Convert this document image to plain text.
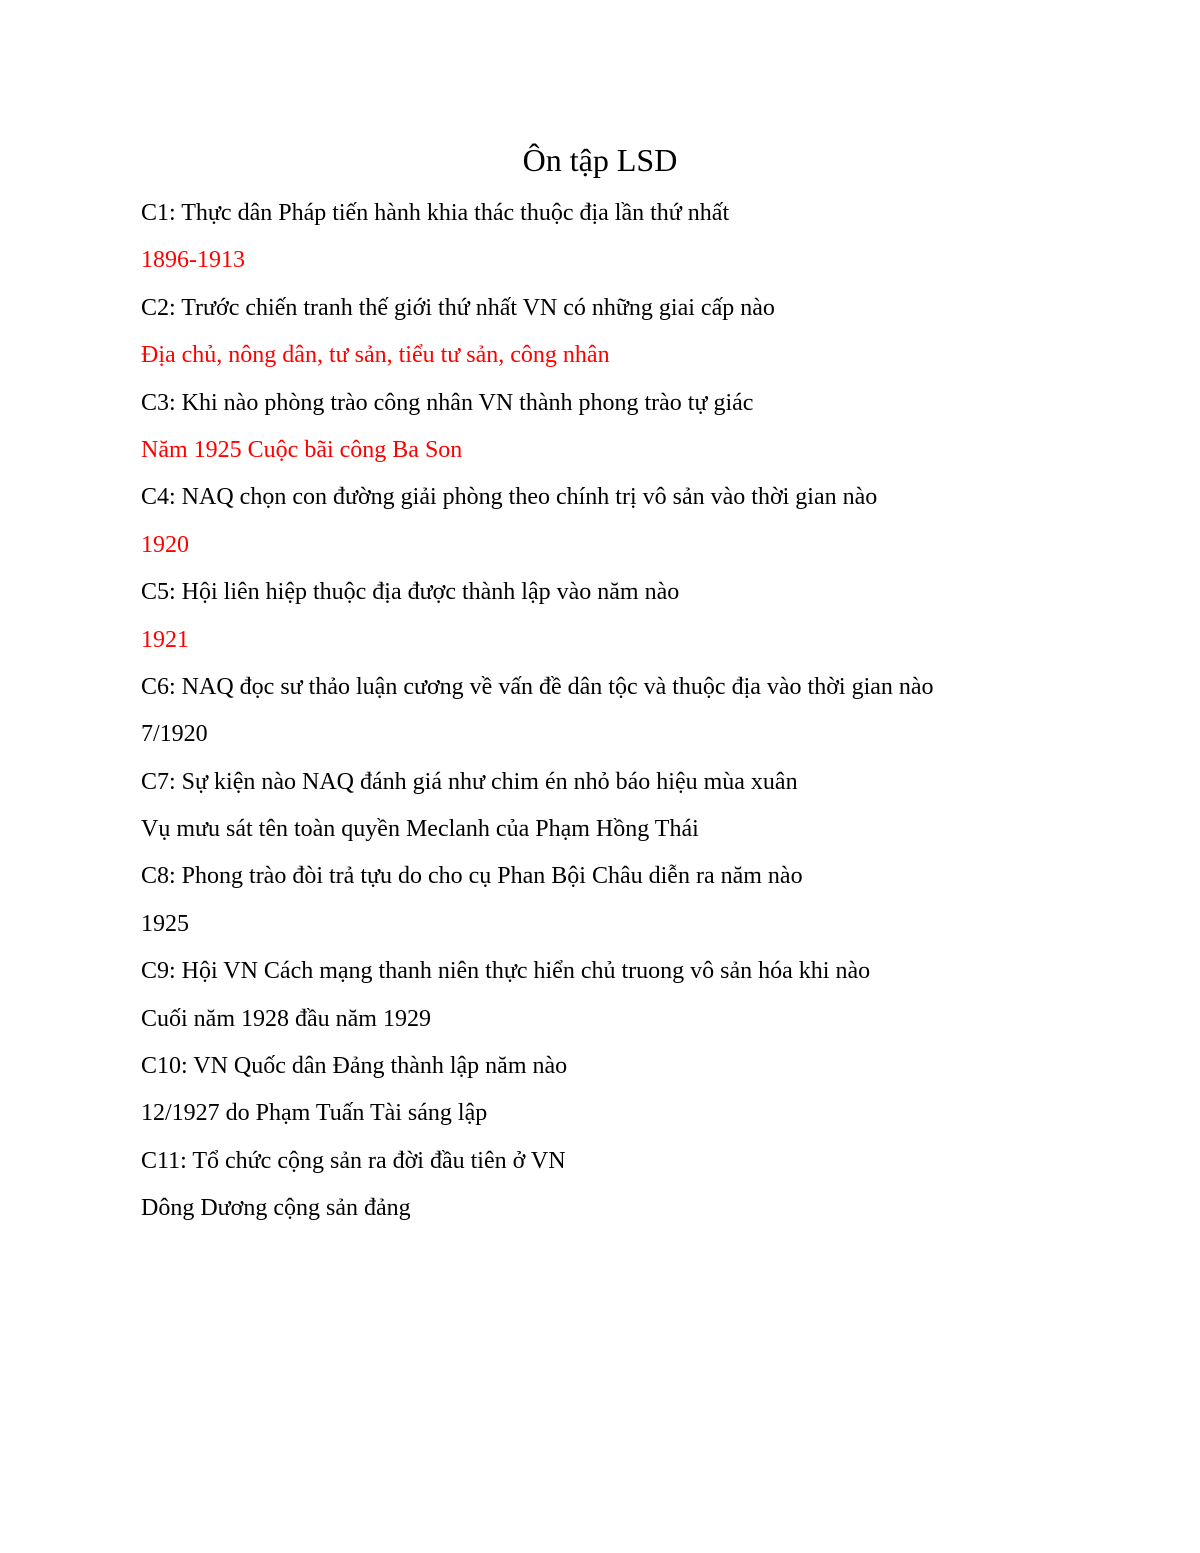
Ôn tập LSD
C1: Thực dân Pháp tiến hành khia thác thuộc địa lần thứ nhất
1896-1913
C2: Trước chiến tranh thế giới thứ nhất VN có những giai cấp nào
Địa chủ, nông dân, tư sản, tiểu tư sản, công nhân
C3: Khi nào phòng trào công nhân VN thành phong trào tự giác
Năm 1925 Cuộc bãi công Ba Son
C4: NAQ chọn con đường giải phòng theo chính trị vô sản vào thời gian nào
1920
C5: Hội liên hiệp thuộc địa được thành lập vào năm nào
1921
C6: NAQ đọc sư thảo luận cương về vấn đề dân tộc và thuộc địa vào thời gian nào
7/1920
C7: Sự kiện nào NAQ đánh giá như chim én nhỏ báo hiệu mùa xuân
Vụ mưu sát tên toàn quyền Meclanh của Phạm Hồng Thái
C8: Phong trào đòi trả tựu do cho cụ Phan Bội Châu diễn ra năm nào
1925
C9: Hội VN Cách mạng thanh niên thực hiển chủ truong vô sản hóa khi nào
Cuối năm 1928 đầu năm 1929
C10: VN Quốc dân Đảng thành lập năm nào
12/1927 do Phạm Tuấn Tài sáng lập
C11: Tổ chức cộng sản ra đời đầu tiên ở VN
Dông Dương cộng sản đảng
